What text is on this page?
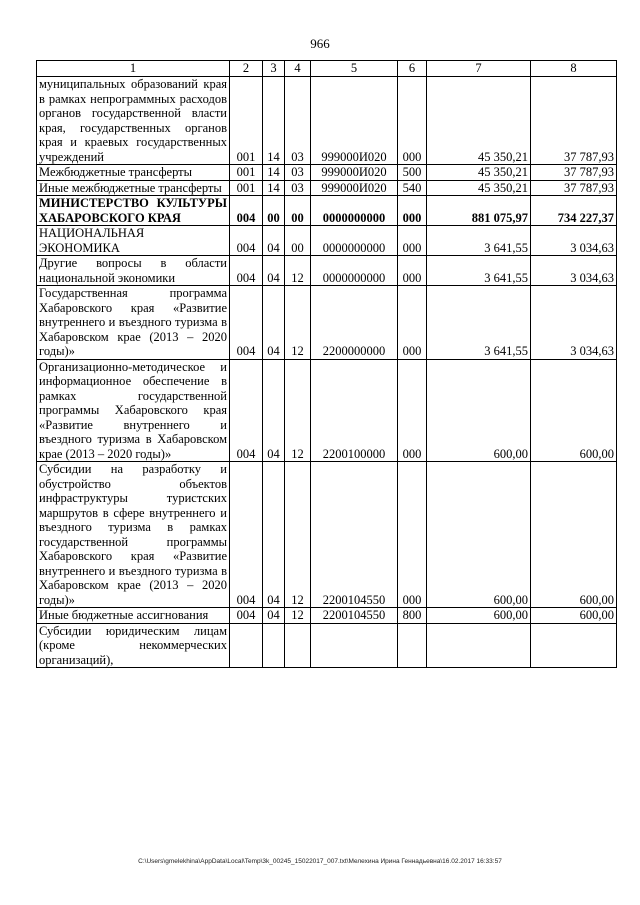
966
1	2	3	4	5	6	7	8
муниципальных образований края в рамках непрограммных расходов органов государственной власти края, государственных органов края и краевых государственных учреждений	001	14	03	999000И020	000	45 350,21	37 787,93
Межбюджетные трансферты	001	14	03	999000И020	500	45 350,21	37 787,93
Иные межбюджетные трансферты	001	14	03	999000И020	540	45 350,21	37 787,93
МИНИСТЕРСТВО КУЛЬТУРЫ ХАБАРОВСКОГО КРАЯ	004	00	00	0000000000	000	881 075,97	734 227,37
НАЦИОНАЛЬНАЯ ЭКОНОМИКА	004	04	00	0000000000	000	3 641,55	3 034,63
Другие вопросы в области национальной экономики	004	04	12	0000000000	000	3 641,55	3 034,63
Государственная программа Хабаровского края «Развитие внутреннего и въездного туризма в Хабаровском крае (2013 – 2020 годы)»	004	04	12	2200000000	000	3 641,55	3 034,63
Организационно-методическое и информационное обеспечение в рамках государственной программы Хабаровского края «Развитие внутреннего и въездного туризма в Хабаровском крае (2013 – 2020 годы)»	004	04	12	2200100000	000	600,00	600,00
Субсидии на разработку и обустройство объектов инфраструктуры туристских маршрутов в сфере внутреннего и въездного туризма в рамках государственной программы Хабаровского края «Развитие внутреннего и въездного туризма в Хабаровском крае (2013 – 2020 годы)»	004	04	12	2200104550	000	600,00	600,00
Иные бюджетные ассигнования	004	04	12	2200104550	800	600,00	600,00
Субсидии юридическим лицам (кроме некоммерческих организаций),							
C:\Users\gmelekhina\AppData\Local\Temp\3k_00245_15022017_007.txt\Мелехина Ирина Геннадьевна\16.02.2017 16:33:57
